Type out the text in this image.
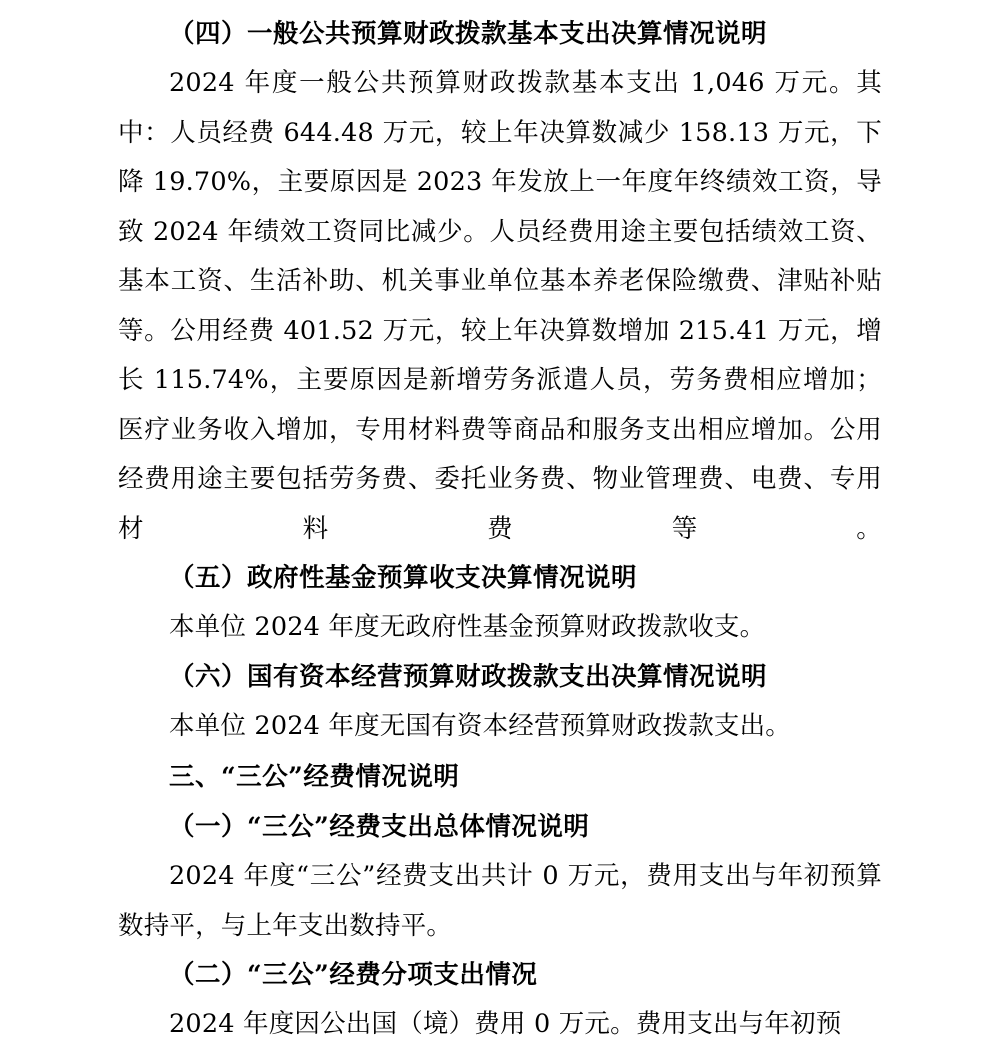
（四）一般公共预算财政拨款基本支出决算情况说明

2024 年度一般公共预算财政拨款基本支出 1,046 万元。其中：人员经费 644.48 万元，较上年决算数减少 158.13 万元，下降 19.70%，主要原因是 2023 年发放上一年度年终绩效工资，导致 2024 年绩效工资同比减少。人员经费用途主要包括绩效工资、基本工资、生活补助、机关事业单位基本养老保险缴费、津贴补贴等。公用经费 401.52 万元，较上年决算数增加 215.41 万元，增长 115.74%，主要原因是新增劳务派遣人员，劳务费相应增加；医疗业务收入增加，专用材料费等商品和服务支出相应增加。公用经费用途主要包括劳务费、委托业务费、物业管理费、电费、专用材料费等。

（五）政府性基金预算收支决算情况说明

本单位 2024 年度无政府性基金预算财政拨款收支。

（六）国有资本经营预算财政拨款支出决算情况说明

本单位 2024 年度无国有资本经营预算财政拨款支出。

三、“三公”经费情况说明
（一）“三公”经费支出总体情况说明

2024 年度“三公”经费支出共计 0 万元，费用支出与年初预算数持平，与上年支出数持平。

（二）“三公”经费分项支出情况

2024 年度因公出国（境）费用 0 万元。费用支出与年初预
